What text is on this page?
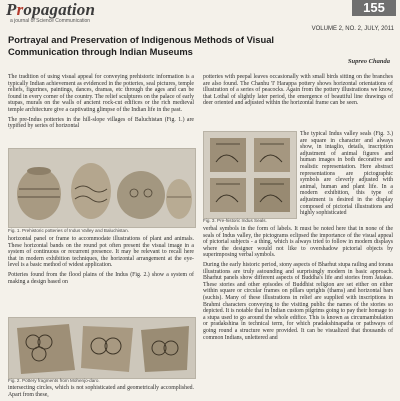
Propagation
a journal of Science Communication
155
VOLUME 2, NO. 2, JULY, 2011
Portrayal and Preservation of Indigenous Methods of Visual Communication through Indian Museums
Supreo Chanda

The tradition of using visual appeal for conveying prehistoric information is a typically Indian achievement as evidenced in the potteries, seal pictures, temple reliefs, figurines, paintings, dances, dramas, etc through the ages and can be found in every corner of the country. The relief sculptures on the palace of early stupas, murals on the walls of ancient rock-cut edifices or the rich medieval temple architecture give a captivating glimpse of the Indian life in the past.

The pre-Indus potteries in the hill-slope villages of Baluchistan (Fig. 1.) are typified by series of horizontal

Fig. 1. Prehistoric potteries of Indus Valley and Baluchistan.

horizontal panel or frame to accommodate illustrations of plant and animals. These horizontal bands on the round pot often present the visual image in a system of continuous or recurrent presence. It may be relevant to recall here that in modern exhibition techniques, the horizontal arrangement at the eye-level is a basic method of widest application.

Potteries found from the flood plains of the Indus (Fig. 2.) show a system of making a design based on

Fig. 2. Pottery fragments from Mohenjo-daro.

intersecting circles, which is not sophisticated and geometrically accomplished. Apart from these,

potteries with peepal leaves occasionally with small birds sitting on the branches are also found. The Chanhu 'I' Harappa pottery shows horizontal orientations of illustration of a series of peacocks. Again from the pottery illustrations we know, that Lothal of slightly later period, the emergence of beautiful line drawings of deer oriented and adjusted within the horizontal frame can be seen.

Fig. 3. Pre-historic Indus Seals.

The typical Indus valley seals (Fig. 3.) are square in character and always show, in intaglio, details, inscription adjustment of animal figures and human images in both decorative and realistic representation. Here abstract representations are pictographic symbols are cleverly adjusted with animal, human and plant life. In a modern exhibition, this type of adjustment is desired in the display composed of pictorial illustrations and highly sophisticated

verbal symbols in the form of labels. It must be noted here that in none of the seals of Indus valley, the pictograms eclipsed the importance of the visual appeal of pictorial subjects - a thing, which is always tried to follow in modern displays where the designer would not like to overshadow pictorial objects by superimposing verbal symbols.

During the early historic period, stony aspects of Bharhut stupa railing and torana illustrations are truly astounding and surprisingly modern in basic approach. Bharhut panels show different aspects of Buddha's life and stories from Jatakas. These stories and other episodes of Buddhist religion are set either on either within square or circular frames on pillars uprights (thams) and horizontal bars (suchis). Many of these illustrations in relief are supplied with inscriptions in Brahmi characters conveying to the visiting public the names of the stories so depicted. It is notable that in Indian custom pilgrims going to pay their homage to a stupa used to go around the whole edifice. This is known as circumambulation or pradakshina in technical term, for which pradakshinapatha or pathways of going round a structure were provided. It can be visualized that thousands of common Indians, unlettered and
